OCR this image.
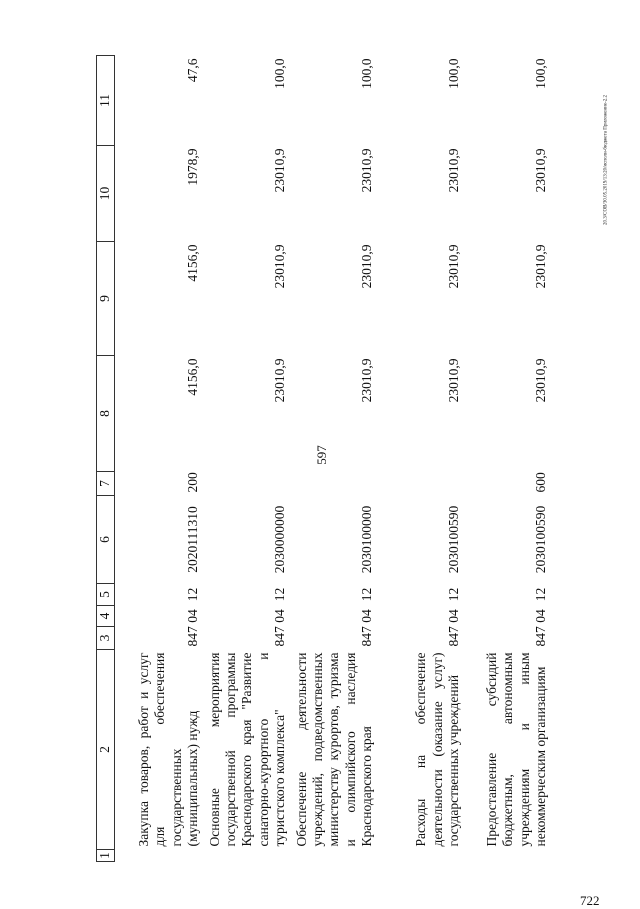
597
20.3/СОВ/30.05.2019/13:20/исполн-бюджета Приложение-2.2
722
1	2	3	4	5	6	7	8	9	10	11
	Закупка товаров, работ и услуг для обеспечения государственных (муниципальных) нужд	847	04	12	2020111310	200	4156,0	4156,0	1978,9	47,6
	Основные мероприятия государственной программы Краснодарского края "Развитие санаторно-курортного и туристского комплекса"	847	04	12	2030000000		23010,9	23010,9	23010,9	100,0
	Обеспечение деятельности учреждений, подведомственных министерству курортов, туризма и олимпийского наследия Краснодарского края	847	04	12	2030100000		23010,9	23010,9	23010,9	100,0
	Расходы на обеспечение деятельности (оказание услуг) государственных учреждений	847	04	12	2030100590		23010,9	23010,9	23010,9	100,0
	Предоставление субсидий бюджетным, автономным учреждениям и иным некоммерческим организациям	847	04	12	2030100590	600	23010,9	23010,9	23010,9	100,0
